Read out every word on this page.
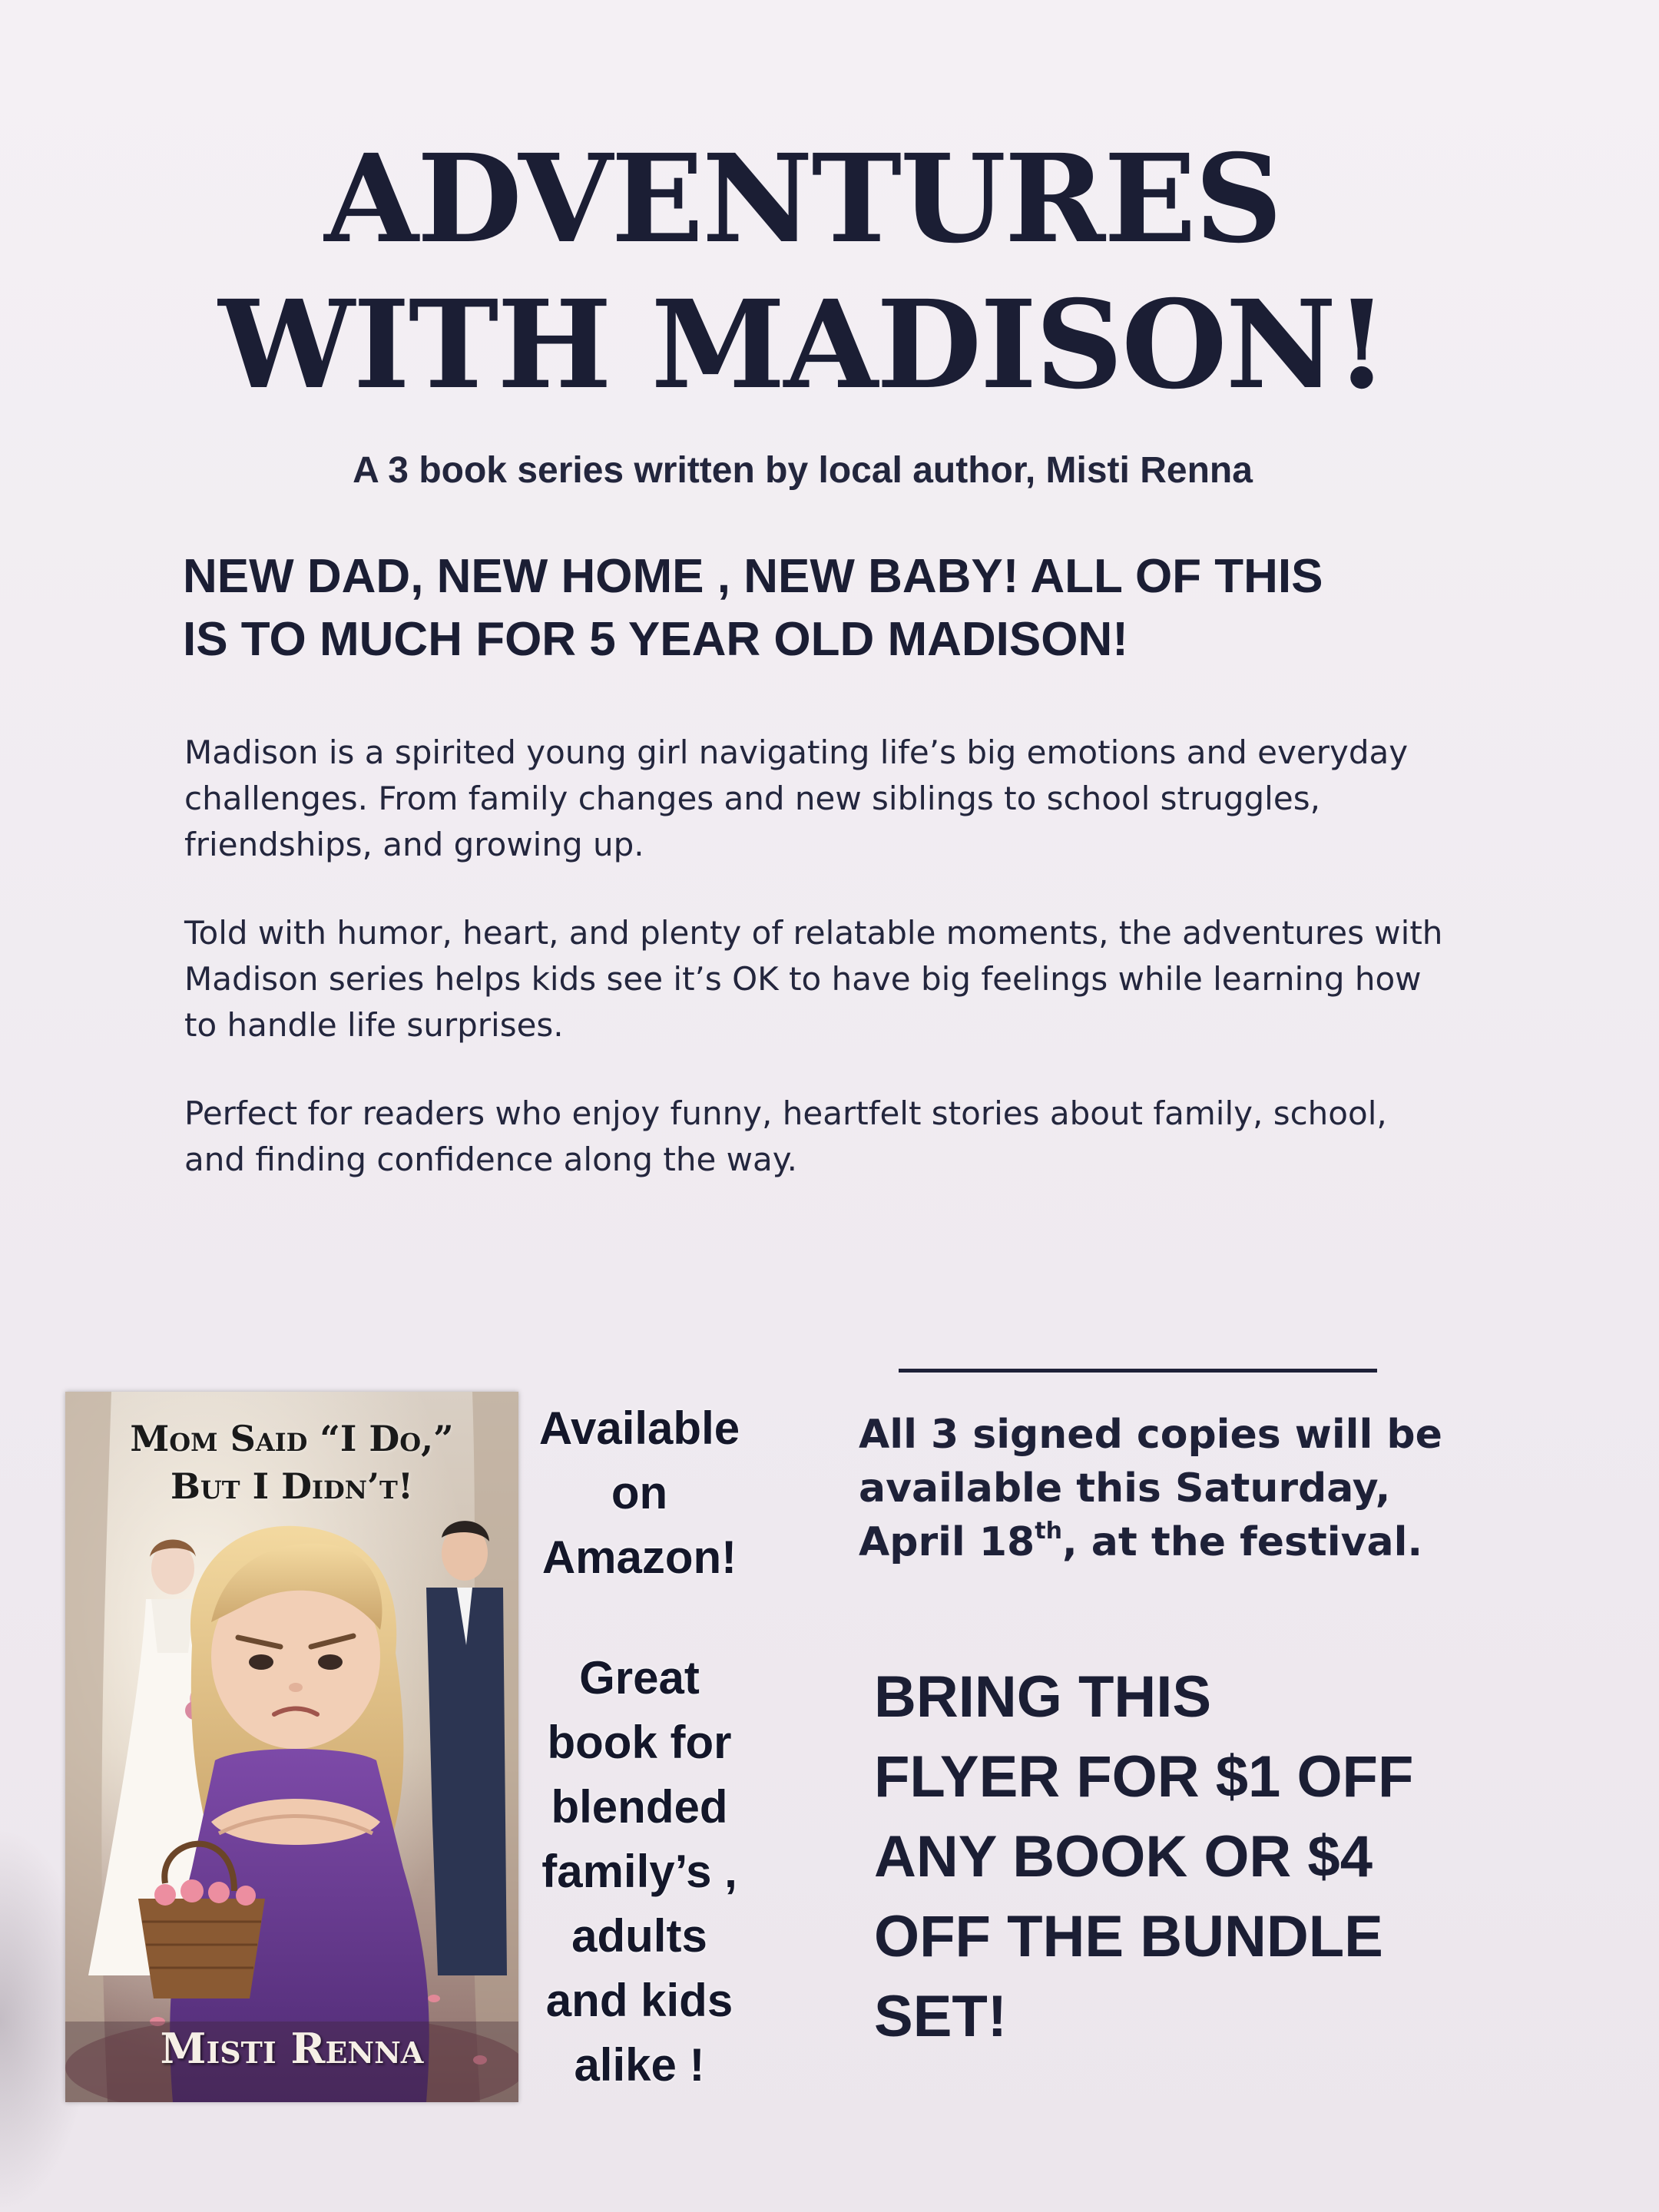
ADVENTURES
WITH MADISON!
A 3 book series written by local author, Misti Renna
NEW DAD, NEW HOME , NEW BABY! ALL OF THIS
IS TO MUCH FOR 5 YEAR OLD MADISON!
Madison is a spirited young girl navigating life’s big emotions and everyday challenges. From family changes and new siblings to school struggles, friendships, and growing up.
Told with humor, heart, and plenty of relatable moments, the adventures with Madison series helps kids see it’s OK to have big feelings while learning how to handle life surprises.
Perfect for readers who enjoy funny, heartfelt stories about family, school, and finding confidence along the way.
Mom Said “I Do,”
But I Didn’t!
Misti Renna
Available
on
Amazon!
Great
book for
blended
family’s ,
adults
and kids
alike !
All 3 signed copies will be
available this Saturday,
April 18th, at the festival.
BRING THIS
FLYER FOR $1 OFF
ANY BOOK OR $4
OFF THE BUNDLE
SET!
